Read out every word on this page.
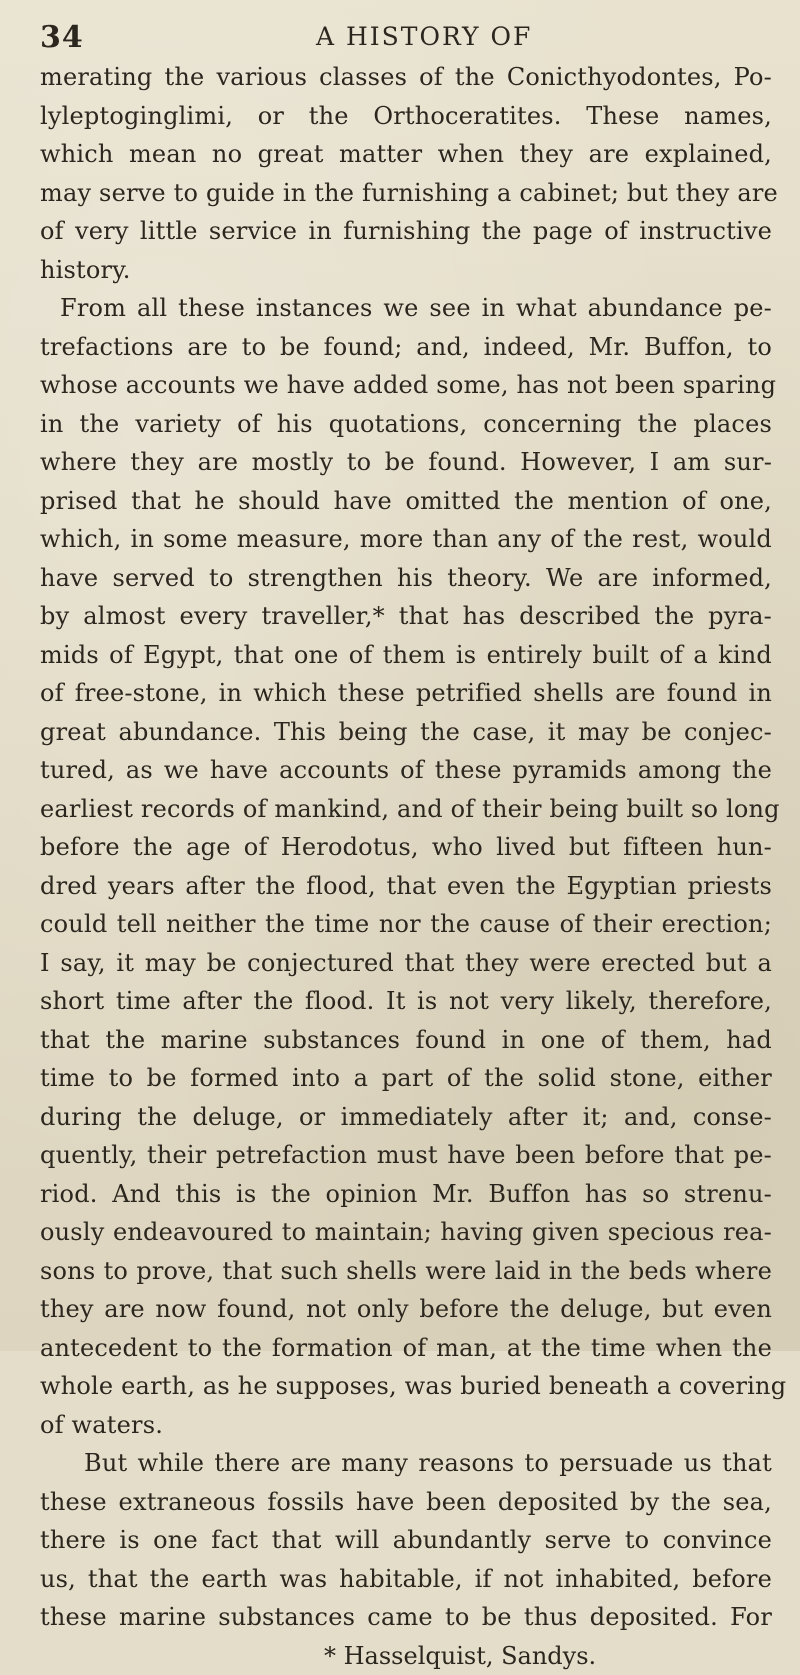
34	A HISTORY OF
merating the various classes of the Conicthyodontes, Po-
lyleptoginglimi, or the Orthoceratites. These names,
which mean no great matter when they are explained,
may serve to guide in the furnishing a cabinet; but they are
of very little service in furnishing the page of instructive
history.
From all these instances we see in what abundance pe-
trefactions are to be found; and, indeed, Mr. Buffon, to
whose accounts we have added some, has not been sparing
in the variety of his quotations, concerning the places
where they are mostly to be found. However, I am sur-
prised that he should have omitted the mention of one,
which, in some measure, more than any of the rest, would
have served to strengthen his theory. We are informed,
by almost every traveller,* that has described the pyra-
mids of Egypt, that one of them is entirely built of a kind
of free-stone, in which these petrified shells are found in
great abundance. This being the case, it may be conjec-
tured, as we have accounts of these pyramids among the
earliest records of mankind, and of their being built so long
before the age of Herodotus, who lived but fifteen hun-
dred years after the flood, that even the Egyptian priests
could tell neither the time nor the cause of their erection;
I say, it may be conjectured that they were erected but a
short time after the flood. It is not very likely, therefore,
that the marine substances found in one of them, had
time to be formed into a part of the solid stone, either
during the deluge, or immediately after it; and, conse-
quently, their petrefaction must have been before that pe-
riod. And this is the opinion Mr. Buffon has so strenu-
ously endeavoured to maintain; having given specious rea-
sons to prove, that such shells were laid in the beds where
they are now found, not only before the deluge, but even
antecedent to the formation of man, at the time when the
whole earth, as he supposes, was buried beneath a covering
of waters.
But while there are many reasons to persuade us that
these extraneous fossils have been deposited by the sea,
there is one fact that will abundantly serve to convince
us, that the earth was habitable, if not inhabited, before
these marine substances came to be thus deposited. For
* Hasselquist, Sandys.
